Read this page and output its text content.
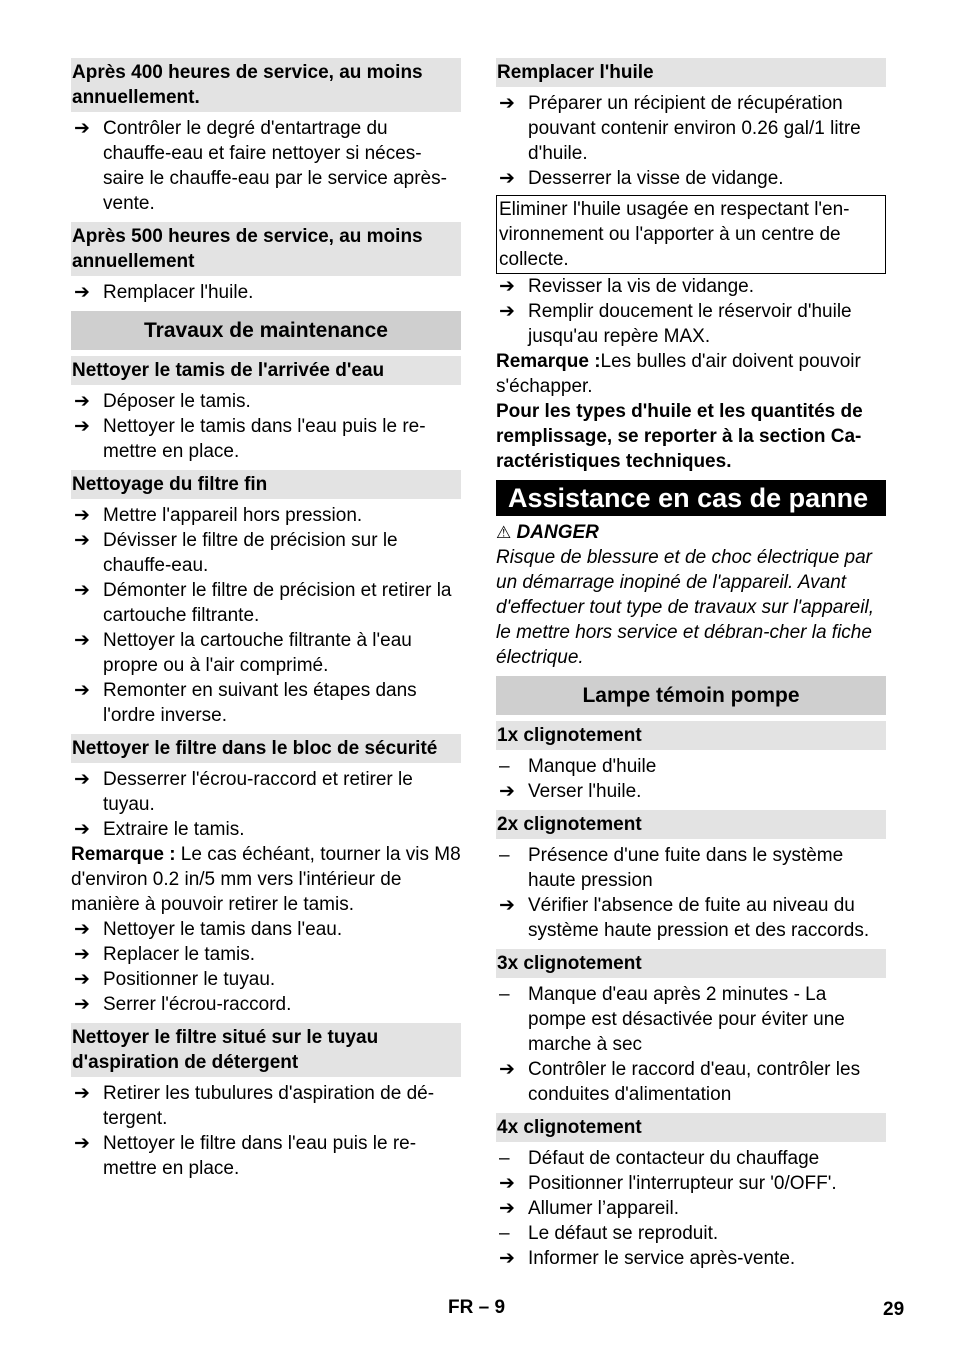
Après 400 heures de service, au moins annuellement.
➔ Contrôler le degré d'entartrage du chauffe-eau et faire nettoyer si néces-saire le chauffe-eau par le service après-vente.
Après 500 heures de service, au moins annuellement
➔ Remplacer l'huile.
Travaux de maintenance
Nettoyer le tamis de l'arrivée d'eau
➔ Déposer le tamis.
➔ Nettoyer le tamis dans l'eau puis le re-mettre en place.
Nettoyage du filtre fin
➔ Mettre l'appareil hors pression.
➔ Dévisser le filtre de précision sur le chauffe-eau.
➔ Démonter le filtre de précision et retirer la cartouche filtrante.
➔ Nettoyer la cartouche filtrante à l'eau propre ou à l'air comprimé.
➔ Remonter en suivant les étapes dans l'ordre inverse.
Nettoyer le filtre dans le bloc de sécurité
➔ Desserrer l'écrou-raccord et retirer le tuyau.
➔ Extraire le tamis.
Remarque : Le cas échéant, tourner la vis M8 d'environ 0.2 in/5 mm vers l'intérieur de manière à pouvoir retirer le tamis.
➔ Nettoyer le tamis dans l'eau.
➔ Replacer le tamis.
➔ Positionner le tuyau.
➔ Serrer l'écrou-raccord.
Nettoyer le filtre situé sur le tuyau d'aspiration de détergent
➔ Retirer les tubulures d'aspiration de dé-tergent.
➔ Nettoyer le filtre dans l'eau puis le re-mettre en place.
Remplacer l'huile
➔ Préparer un récipient de récupération pouvant contenir environ 0.26 gal/1 litre d'huile.
➔ Desserrer la visse de vidange.
Eliminer l'huile usagée en respectant l'en-vironnement ou l'apporter à un centre de collecte.
➔ Revisser la vis de vidange.
➔ Remplir doucement le réservoir d'huile jusqu'au repère MAX.
Remarque :Les bulles d'air doivent pouvoir s'échapper.
Pour les types d'huile et les quantités de remplissage, se reporter à la section Ca-ractéristiques techniques.
Assistance en cas de panne
⚠ DANGER
Risque de blessure et de choc électrique par un démarrage inopiné de l'appareil. Avant d'effectuer tout type de travaux sur l'appareil, le mettre hors service et débran-cher la fiche électrique.
Lampe témoin pompe
1x clignotement
– Manque d'huile
➔ Verser l'huile.
2x clignotement
– Présence d'une fuite dans le système haute pression
➔ Vérifier l'absence de fuite au niveau du système haute pression et des raccords.
3x clignotement
– Manque d'eau après 2 minutes - La pompe est désactivée pour éviter une marche à sec
➔ Contrôler le raccord d'eau, contrôler les conduites d'alimentation
4x clignotement
– Défaut de contacteur du chauffage
➔ Positionner l'interrupteur sur '0/OFF'.
➔ Allumer l’appareil.
– Le défaut se reproduit.
➔ Informer le service après-vente.
FR – 9	29
